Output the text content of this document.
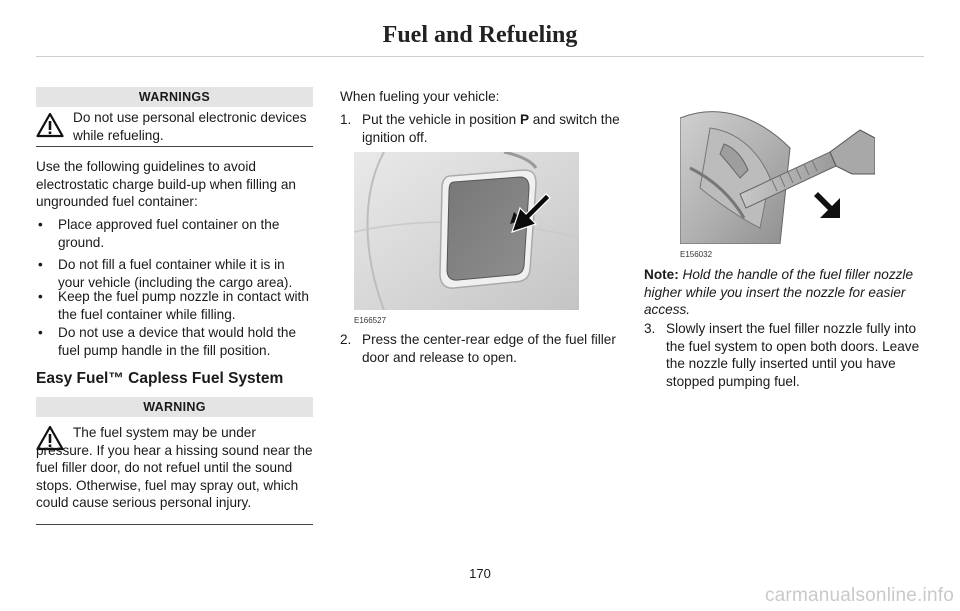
Fuel and Refueling
WARNINGS
Do not use personal electronic devices while refueling.

Use the following guidelines to avoid electrostatic charge build-up when filling an ungrounded fuel container:

• Place approved fuel container on the ground.
• Do not fill a fuel container while it is in your vehicle (including the cargo area).
• Keep the fuel pump nozzle in contact with the fuel container while filling.
• Do not use a device that would hold the fuel pump handle in the fill position.
Easy Fuel™ Capless Fuel System
WARNING
The fuel system may be under pressure. If you hear a hissing sound near the fuel filler door, do not refuel until the sound stops. Otherwise, fuel may spray out, which could cause serious personal injury.

When fueling your vehicle:

1. Put the vehicle in position P and switch the ignition off.
E166527
2. Press the center-rear edge of the fuel filler door and release to open.
E156032

Note: Hold the handle of the fuel filler nozzle higher while you insert the nozzle for easier access.

3. Slowly insert the fuel filler nozzle fully into the fuel system to open both doors. Leave the nozzle fully inserted until you have stopped pumping fuel.
170
carmanualsonline.info
